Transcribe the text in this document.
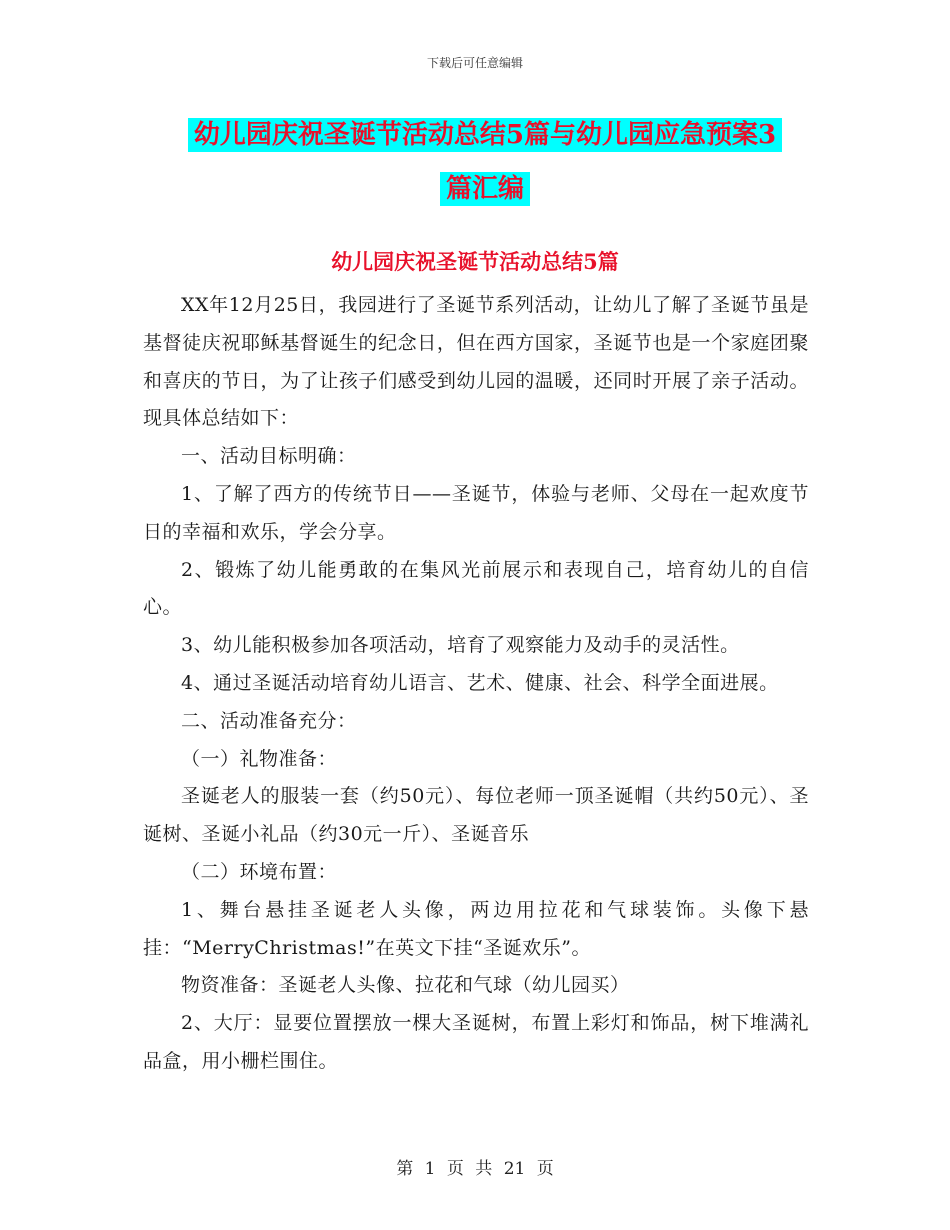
下载后可任意编辑
幼儿园庆祝圣诞节活动总结5篇与幼儿园应急预案3
篇汇编
幼儿园庆祝圣诞节活动总结5篇

XX年12月25日，我园进行了圣诞节系列活动，让幼儿了解了圣诞节虽是基督徒庆祝耶稣基督诞生的纪念日，但在西方国家，圣诞节也是一个家庭团聚和喜庆的节日，为了让孩子们感受到幼儿园的温暖，还同时开展了亲子活动。现具体总结如下：

一、活动目标明确：

1、了解了西方的传统节日——圣诞节，体验与老师、父母在一起欢度节日的幸福和欢乐，学会分享。

2、锻炼了幼儿能勇敢的在集风光前展示和表现自己，培育幼儿的自信心。

3、幼儿能积极参加各项活动，培育了观察能力及动手的灵活性。

4、通过圣诞活动培育幼儿语言、艺术、健康、社会、科学全面进展。

二、活动准备充分：

（一）礼物准备：

圣诞老人的服装一套（约50元）、每位老师一顶圣诞帽（共约50元）、圣诞树、圣诞小礼品（约30元一斤）、圣诞音乐

（二）环境布置：

1、舞台悬挂圣诞老人头像，两边用拉花和气球装饰。头像下悬挂：“MerryChristmas!”在英文下挂“圣诞欢乐”。

物资准备：圣诞老人头像、拉花和气球（幼儿园买）

2、大厅：显要位置摆放一棵大圣诞树，布置上彩灯和饰品，树下堆满礼品盒，用小栅栏围住。

第 1 页 共 21 页
